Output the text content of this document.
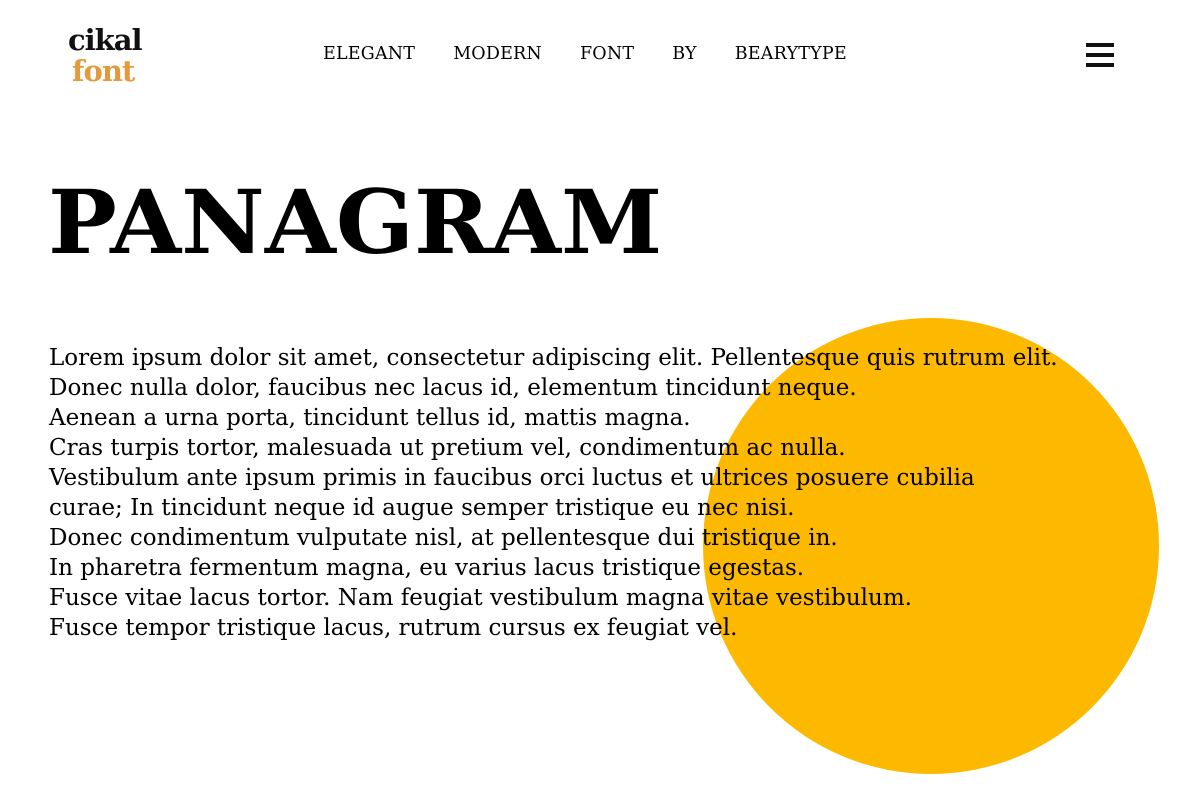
cikal
font	ELEGANT MODERN FONT BY BEARYTYPE
PANAGRAM
Lorem ipsum dolor sit amet, consectetur adipiscing elit. Pellentesque quis rutrum elit.
Donec nulla dolor, faucibus nec lacus id, elementum tincidunt neque.
Aenean a urna porta, tincidunt tellus id, mattis magna.
Cras turpis tortor, malesuada ut pretium vel, condimentum ac nulla.
Vestibulum ante ipsum primis in faucibus orci luctus et ultrices posuere cubilia
curae; In tincidunt neque id augue semper tristique eu nec nisi.
Donec condimentum vulputate nisl, at pellentesque dui tristique in.
In pharetra fermentum magna, eu varius lacus tristique egestas.
Fusce vitae lacus tortor. Nam feugiat vestibulum magna vitae vestibulum.
Fusce tempor tristique lacus, rutrum cursus ex feugiat vel.
